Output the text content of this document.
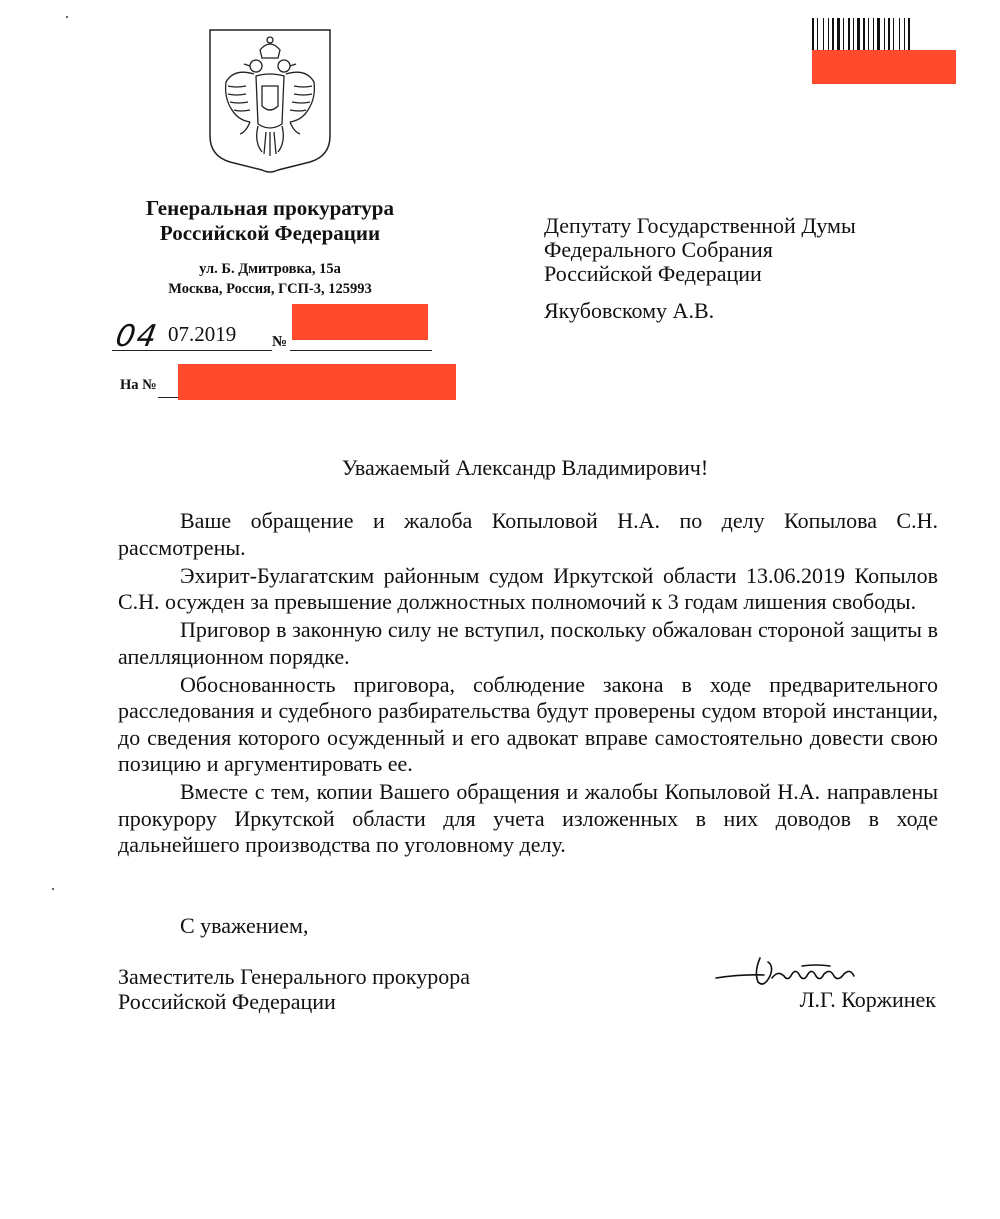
Генеральная прокуратура
Российской Федерации
ул. Б. Дмитровка, 15а
Москва, Россия, ГСП-3, 125993
04 07.2019 №
На №
Депутату Государственной Думы
Федерального Собрания
Российской Федерации
Якубовскому А.В.
Уважаемый Александр Владимирович!

Ваше обращение и жалоба Копыловой Н.А. по делу Копылова С.Н. рассмотрены.

Эхирит-Булагатским районным судом Иркутской области 13.06.2019 Копылов С.Н. осужден за превышение должностных полномочий к 3 годам лишения свободы.

Приговор в законную силу не вступил, поскольку обжалован стороной защиты в апелляционном порядке.

Обоснованность приговора, соблюдение закона в ходе предварительного расследования и судебного разбирательства будут проверены судом второй инстанции, до сведения которого осужденный и его адвокат вправе самостоятельно довести свою позицию и аргументировать ее.

Вместе с тем, копии Вашего обращения и жалобы Копыловой Н.А. направлены прокурору Иркутской области для учета изложенных в них доводов в ходе дальнейшего производства по уголовному делу.

С уважением,
Заместитель Генерального прокурора
Российской Федерации	Л.Г. Коржинек
